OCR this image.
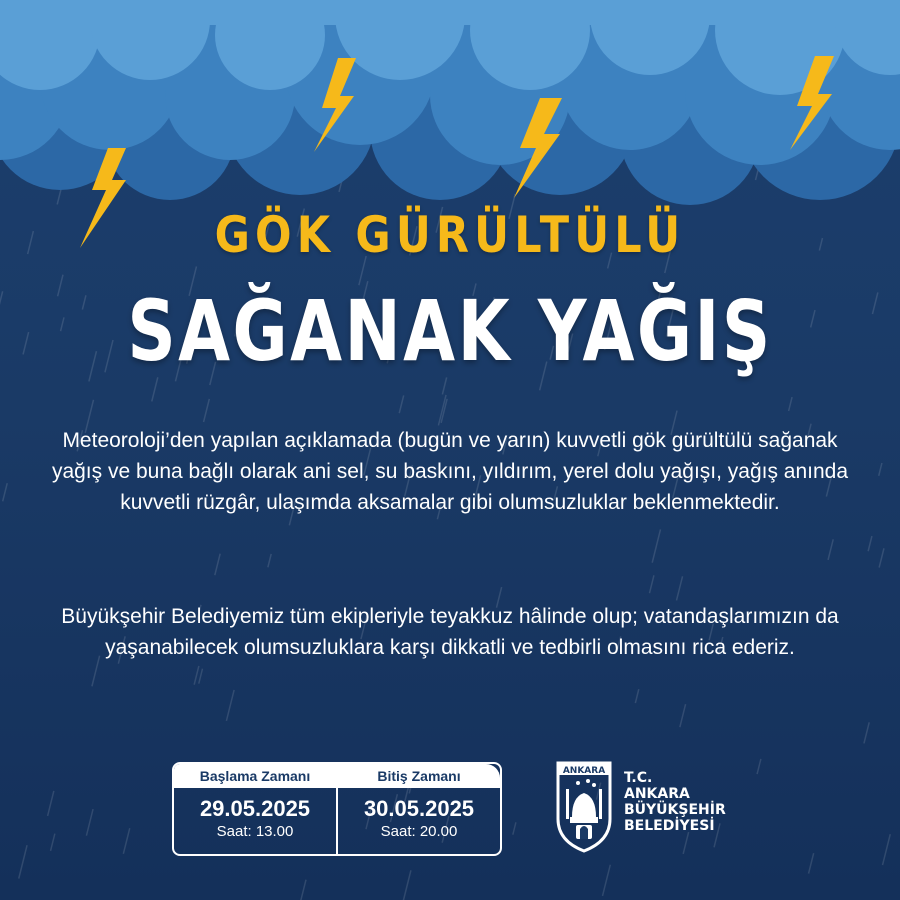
GÖK GÜRÜLTÜLÜ
SAĞANAK YAĞIŞ
Meteoroloji’den yapılan açıklamada (bugün ve yarın) kuvvetli gök gürültülü sağanak yağış ve buna bağlı olarak ani sel, su baskını, yıldırım, yerel dolu yağışı, yağış anında kuvvetli rüzgâr, ulaşımda aksamalar gibi olumsuzluklar beklenmektedir.
Büyükşehir Belediyemiz tüm ekipleriyle teyakkuz hâlinde olup; vatandaşlarımızın da yaşanabilecek olumsuzluklara karşı dikkatli ve tedbirli olmasını rica ederiz.
Başlama Zamanı
29.05.2025
Saat: 13.00
Bitiş Zamanı
30.05.2025
Saat: 20.00
ANKARA T.C.
ANKARA
BÜYÜKŞEHİR
BELEDİYESİ
